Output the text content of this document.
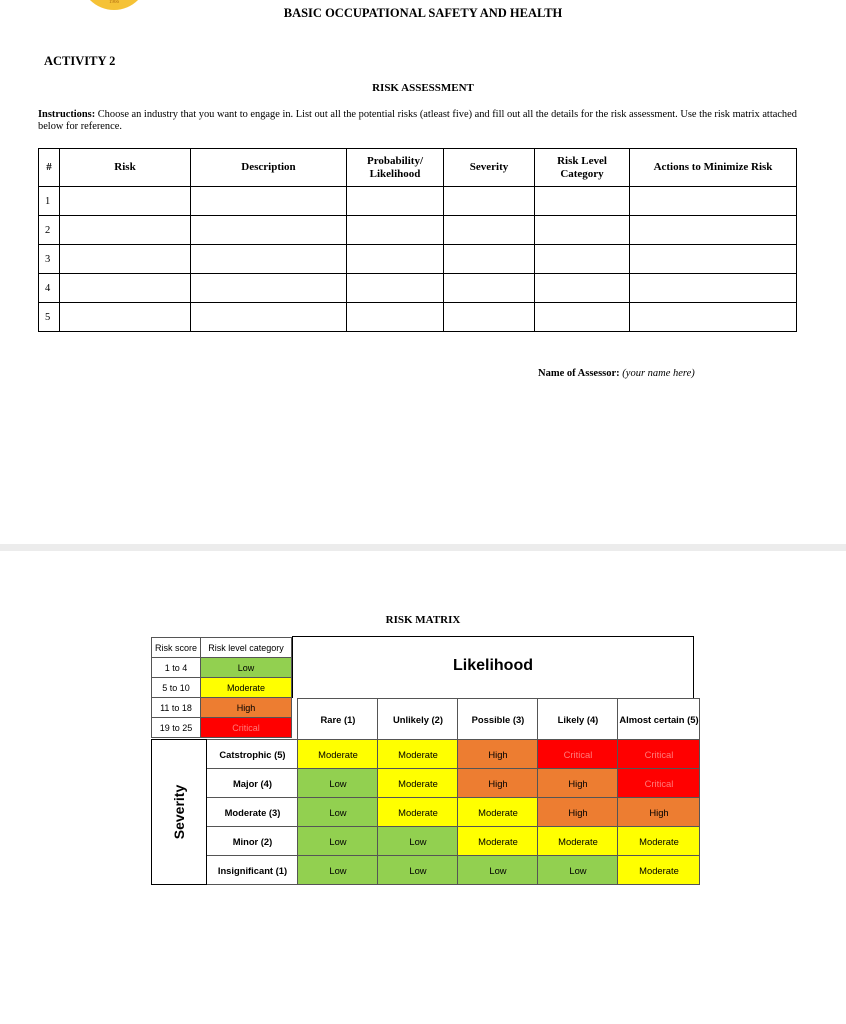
1966
BASIC OCCUPATIONAL SAFETY AND HEALTH
ACTIVITY 2
RISK ASSESSMENT
Instructions: Choose an industry that you want to engage in. List out all the potential risks (atleast five) and fill out all the details for the risk assessment. Use the risk matrix attached below for reference.
#	Risk	Description	Probability/ Likelihood	Severity	Risk Level Category	Actions to Minimize Risk
1						
2						
3						
4						
5						
Name of Assessor: (your name here)
RISK MATRIX
Risk score	Risk level category
1 to 4	Low
5 to 10	Moderate
11 to 18	High
19 to 25	Critical
Likelihood
		Rare (1)	Unlikely (2)	Possible (3)	Likely (4)	Almost certain (5)
Severity	Catstrophic (5)	Moderate	Moderate	High	Critical	Critical
	Major (4)	Low	Moderate	High	High	Critical
	Moderate (3)	Low	Moderate	Moderate	High	High
	Minor (2)	Low	Low	Moderate	Moderate	Moderate
	Insignificant (1)	Low	Low	Low	Low	Moderate
